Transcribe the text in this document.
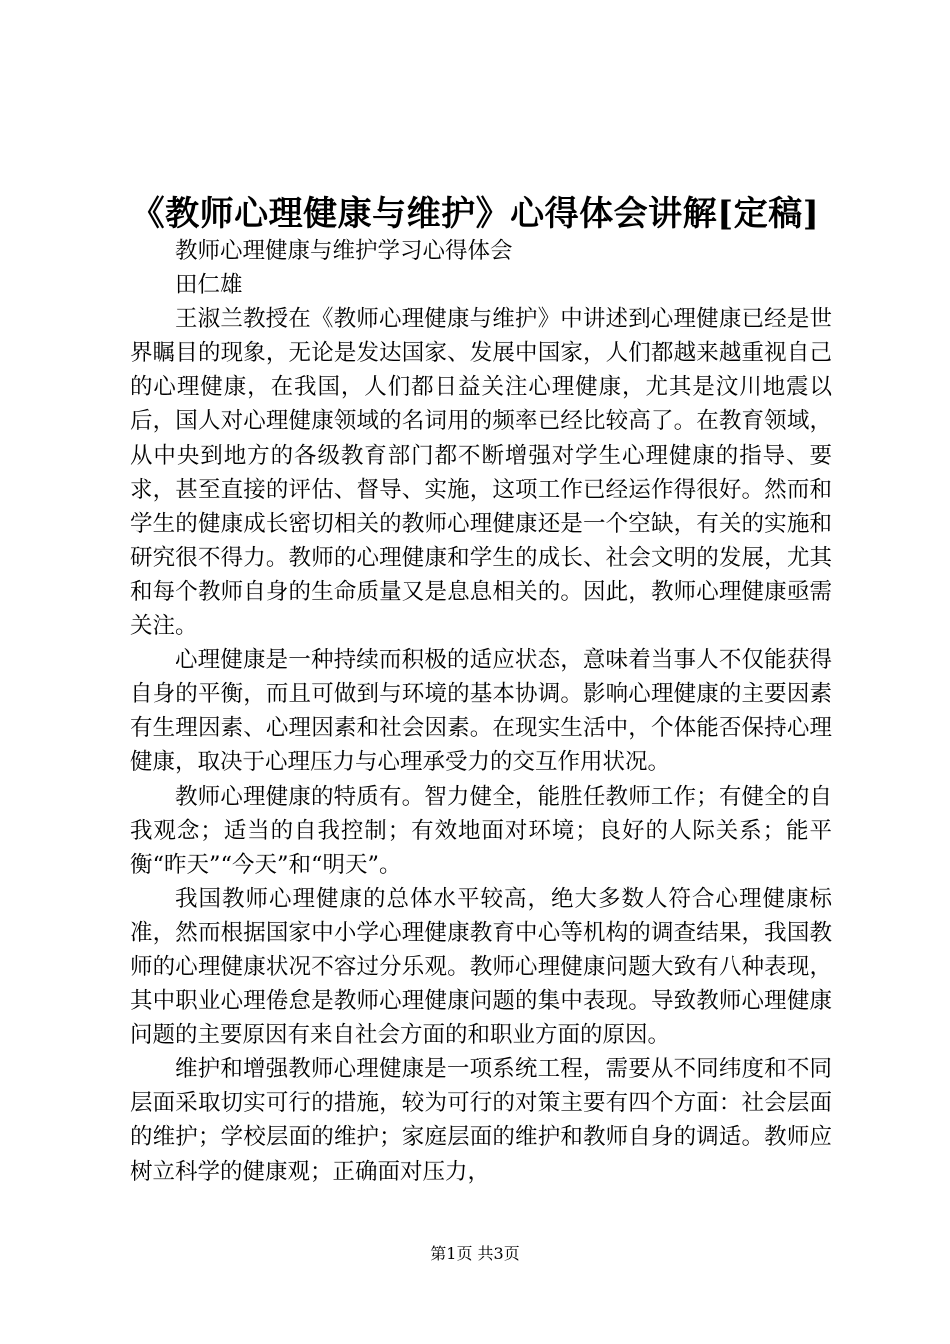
《教师心理健康与维护》心得体会讲解[定稿]

教师心理健康与维护学习心得体会

田仁雄

王淑兰教授在《教师心理健康与维护》中讲述到心理健康已经是世界瞩目的现象，无论是发达国家、发展中国家，人们都越来越重视自己的心理健康，在我国，人们都日益关注心理健康，尤其是汶川地震以后，国人对心理健康领域的名词用的频率已经比较高了。在教育领域，从中央到地方的各级教育部门都不断增强对学生心理健康的指导、要求，甚至直接的评估、督导、实施，这项工作已经运作得很好。然而和学生的健康成长密切相关的教师心理健康还是一个空缺，有关的实施和研究很不得力。教师的心理健康和学生的成长、社会文明的发展，尤其和每个教师自身的生命质量又是息息相关的。因此，教师心理健康亟需关注。

心理健康是一种持续而积极的适应状态，意味着当事人不仅能获得自身的平衡，而且可做到与环境的基本协调。影响心理健康的主要因素有生理因素、心理因素和社会因素。在现实生活中，个体能否保持心理健康，取决于心理压力与心理承受力的交互作用状况。

教师心理健康的特质有。智力健全，能胜任教师工作；有健全的自我观念；适当的自我控制；有效地面对环境；良好的人际关系；能平衡“昨天”“今天”和“明天”。

我国教师心理健康的总体水平较高，绝大多数人符合心理健康标准，然而根据国家中小学心理健康教育中心等机构的调查结果，我国教师的心理健康状况不容过分乐观。教师心理健康问题大致有八种表现，其中职业心理倦怠是教师心理健康问题的集中表现。导致教师心理健康问题的主要原因有来自社会方面的和职业方面的原因。

维护和增强教师心理健康是一项系统工程，需要从不同纬度和不同层面采取切实可行的措施，较为可行的对策主要有四个方面：社会层面的维护；学校层面的维护；家庭层面的维护和教师自身的调适。教师应树立科学的健康观；正确面对压力，

第1页 共3页
